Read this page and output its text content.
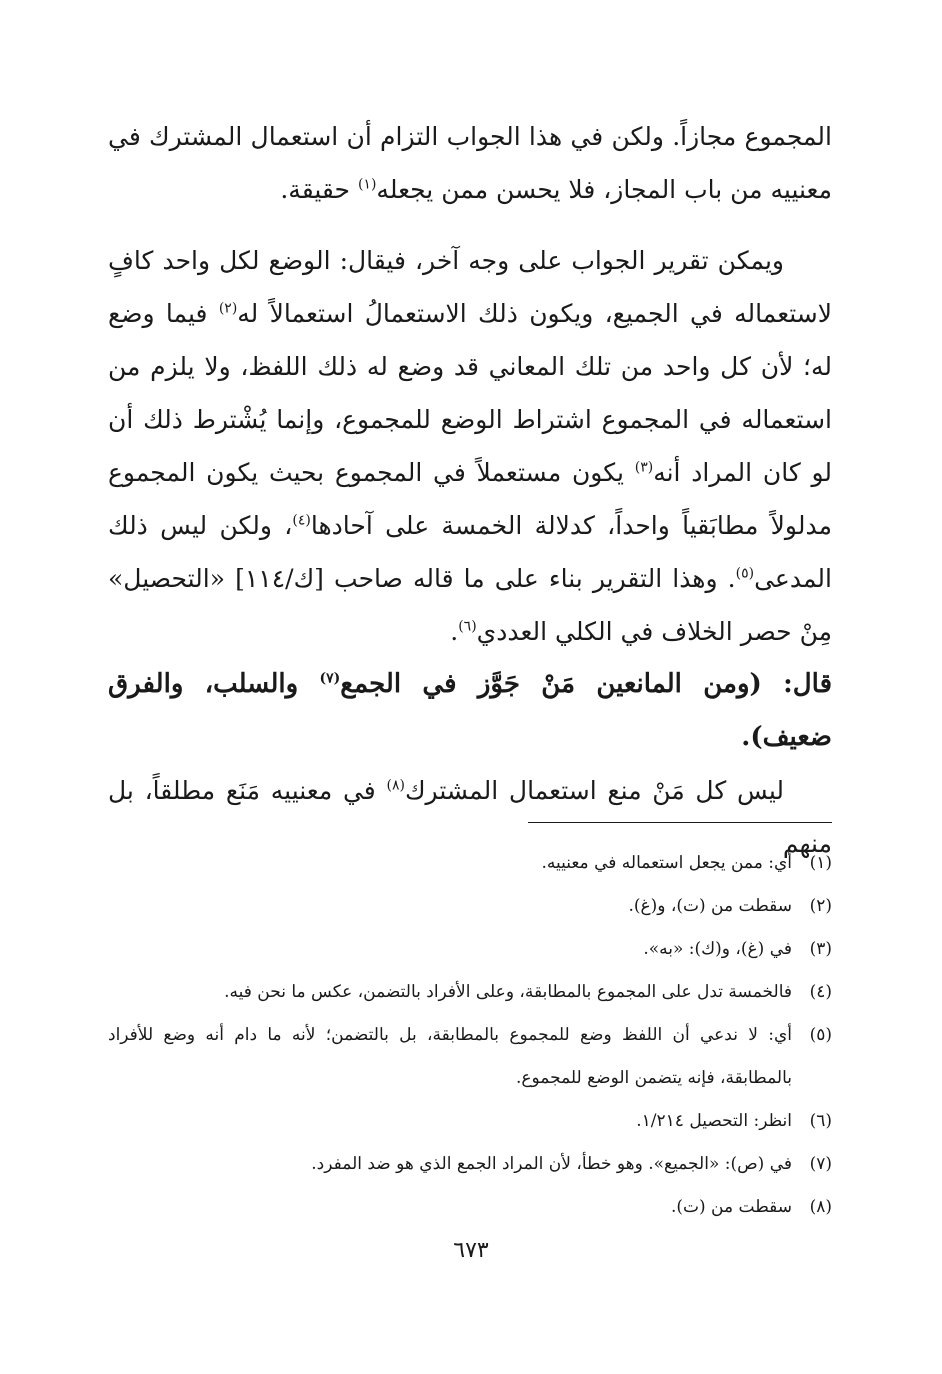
المجموع مجازاً. ولكن في هذا الجواب التزام أن استعمال المشترك في معنييه من باب المجاز، فلا يحسن ممن يجعله$^{(١)}$ حقيقة.

ويمكن تقرير الجواب على وجه آخر، فيقال: الوضع لكل واحد كافٍ لاستعماله في الجميع، ويكون ذلك الاستعمالُ استعمالاً له$^{(٢)}$ فيما وضع له؛ لأن كل واحد من تلك المعاني قد وضع له ذلك اللفظ، ولا يلزم من استعماله في المجموع اشتراط الوضع للمجموع، وإنما يُشْترط ذلك أن لو كان المراد أنه$^{(٣)}$ يكون مستعملاً في المجموع بحيث يكون المجموع مدلولاً مطابَقياً واحداً، كدلالة الخمسة على آحادها$^{(٤)}$، ولكن ليس ذلك المدعى$^{(٥)}$. وهذا التقرير بناء على ما قاله صاحب [ك/١١٤] «التحصيل» مِنْ حصر الخلاف في الكلي العددي$^{(٦)}$.

قال: (ومن المانعين مَنْ جَوَّز في الجمع$^{(٧)}$ والسلب، والفرق ضعيف).

ليس كل مَنْ منع استعمال المشترك$^{(٨)}$ في معنييه مَنَع مطلقاً، بل منهم

(١)
أي: ممن يجعل استعماله في معنييه.
(٢)
سقطت من (ت)، و(غ).
(٣)
في (غ)، و(ك): «به».
(٤)
فالخمسة تدل على المجموع بالمطابقة، وعلى الأفراد بالتضمن، عكس ما نحن فيه.
(٥)
أي: لا ندعي أن اللفظ وضع للمجموع بالمطابقة، بل بالتضمن؛ لأنه ما دام أنه وضع للأفراد بالمطابقة، فإنه يتضمن الوضع للمجموع.
(٦)
انظر: التحصيل ١/٢١٤.
(٧)
في (ص): «الجميع». وهو خطأ، لأن المراد الجمع الذي هو ضد المفرد.
(٨)
سقطت من (ت).
٦٧٣
